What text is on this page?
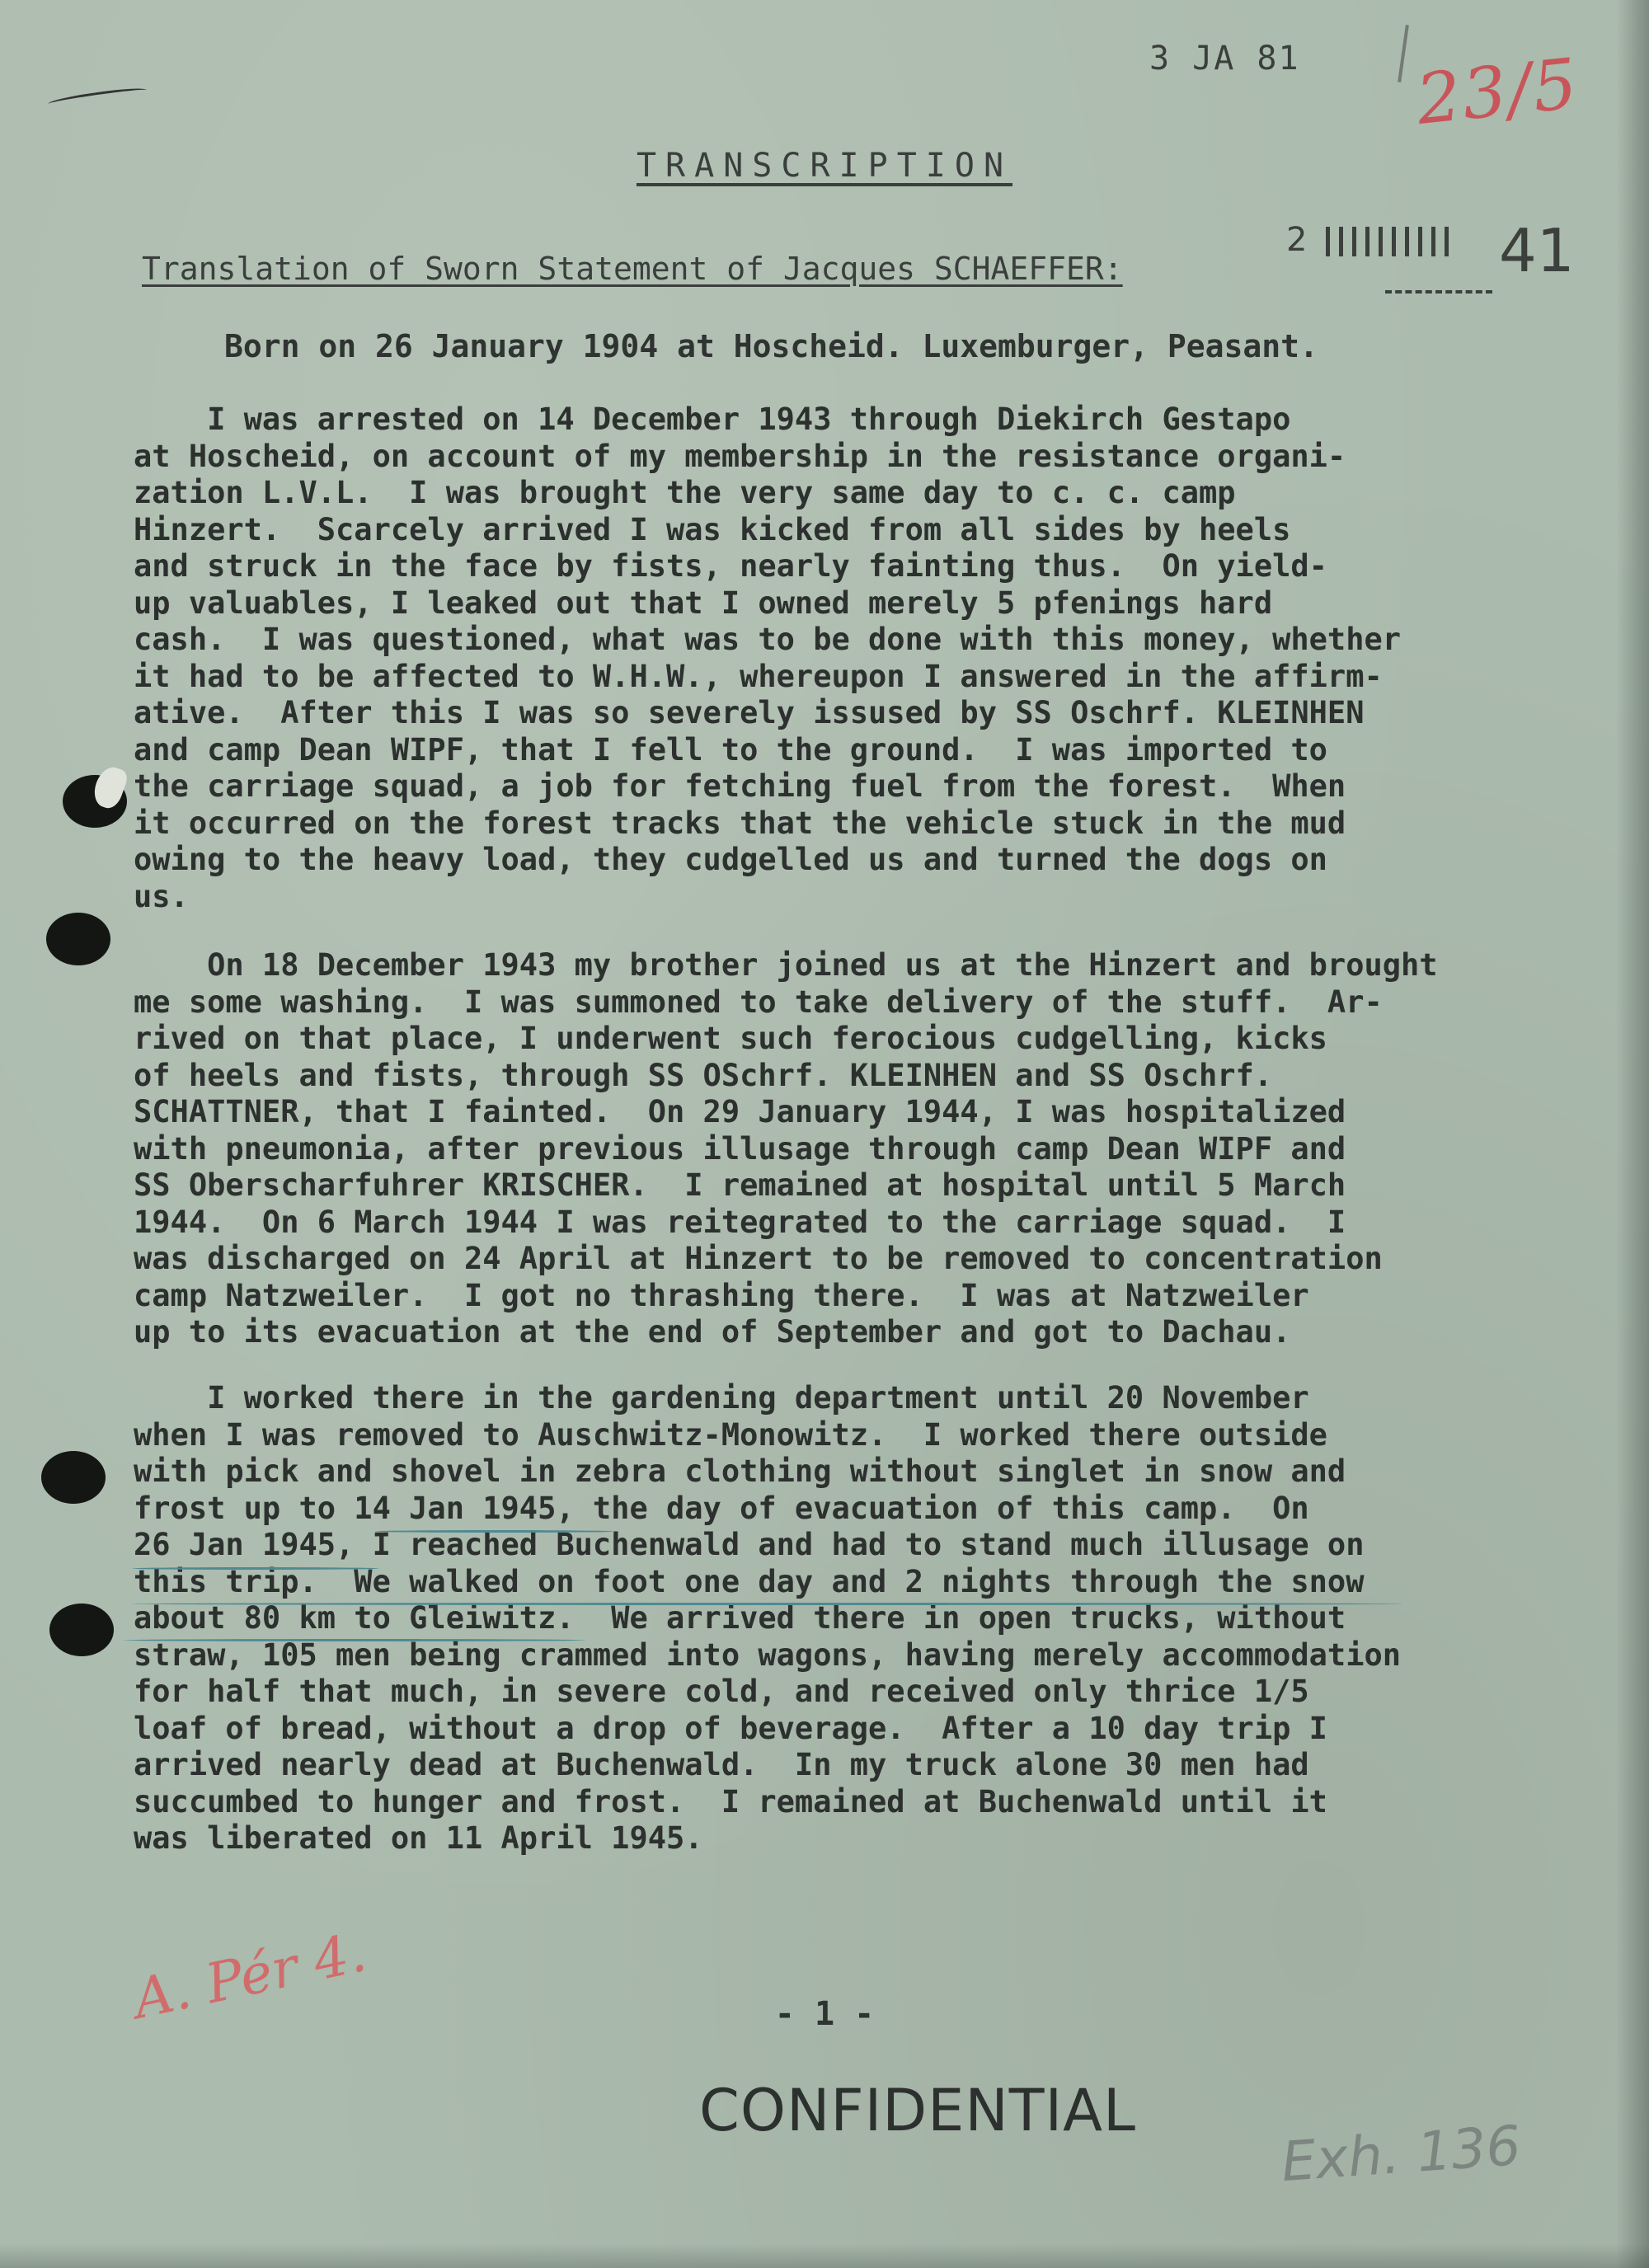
3 JA 81 23/5
TRANSCRIPTION
2	41
Translation of Sworn Statement of Jacques SCHAEFFER:
Born on 26 January 1904 at Hoscheid. Luxemburger, Peasant.
I was arrested on 14 December 1943 through Diekirch Gestapo
at Hoscheid, on account of my membership in the resistance organi-
zation L.V.L.  I was brought the very same day to c. c. camp
Hinzert.  Scarcely arrived I was kicked from all sides by heels
and struck in the face by fists, nearly fainting thus.  On yield-
up valuables, I leaked out that I owned merely 5 pfenings hard
cash.  I was questioned, what was to be done with this money, whether
it had to be affected to W.H.W., whereupon I answered in the affirm-
ative.  After this I was so severely issused by SS Oschrf. KLEINHEN
and camp Dean WIPF, that I fell to the ground.  I was imported to
the carriage squad, a job for fetching fuel from the forest.  When
it occurred on the forest tracks that the vehicle stuck in the mud
owing to the heavy load, they cudgelled us and turned the dogs on
us.
On 18 December 1943 my brother joined us at the Hinzert and brought
me some washing.  I was summoned to take delivery of the stuff.  Ar-
rived on that place, I underwent such ferocious cudgelling, kicks
of heels and fists, through SS OSchrf. KLEINHEN and SS Oschrf.
SCHATTNER, that I fainted.  On 29 January 1944, I was hospitalized
with pneumonia, after previous illusage through camp Dean WIPF and
SS Oberscharfuhrer KRISCHER.  I remained at hospital until 5 March
1944.  On 6 March 1944 I was reitegrated to the carriage squad.  I
was discharged on 24 April at Hinzert to be removed to concentration
camp Natzweiler.  I got no thrashing there.  I was at Natzweiler
up to its evacuation at the end of September and got to Dachau.
I worked there in the gardening department until 20 November
when I was removed to Auschwitz-Monowitz.  I worked there outside
with pick and shovel in zebra clothing without singlet in snow and
frost up to 14 Jan 1945, the day of evacuation of this camp.  On
26 Jan 1945, I reached Buchenwald and had to stand much illusage on
this trip.  We walked on foot one day and 2 nights through the snow
about 80 km to Gleiwitz.  We arrived there in open trucks, without
straw, 105 men being crammed into wagons, having merely accommodation
for half that much, in severe cold, and received only thrice 1/5
loaf of bread, without a drop of beverage.  After a 10 day trip I
arrived nearly dead at Buchenwald.  In my truck alone 30 men had
succumbed to hunger and frost.  I remained at Buchenwald until it
was liberated on 11 April 1945.
A. Pér 4.	- 1 -
CONFIDENTIAL
Exh. 136
